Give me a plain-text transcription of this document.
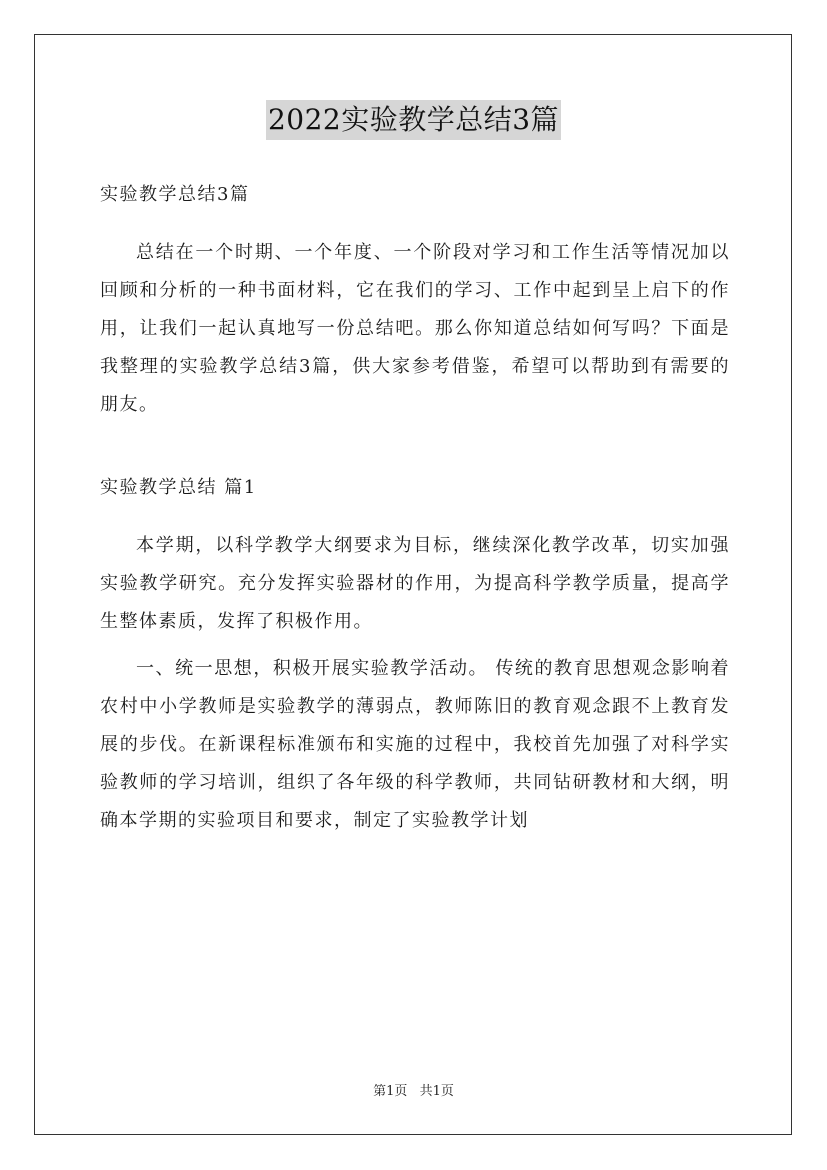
2022实验教学总结3篇
实验教学总结3篇

总结在一个时期、一个年度、一个阶段对学习和工作生活等情况加以回顾和分析的一种书面材料，它在我们的学习、工作中起到呈上启下的作用，让我们一起认真地写一份总结吧。那么你知道总结如何写吗？下面是我整理的实验教学总结3篇，供大家参考借鉴，希望可以帮助到有需要的朋友。

实验教学总结 篇1

本学期，以科学教学大纲要求为目标，继续深化教学改革，切实加强实验教学研究。充分发挥实验器材的作用，为提高科学教学质量，提高学生整体素质，发挥了积极作用。

一、统一思想，积极开展实验教学活动。 传统的教育思想观念影响着农村中小学教师是实验教学的薄弱点，教师陈旧的教育观念跟不上教育发展的步伐。在新课程标准颁布和实施的过程中，我校首先加强了对科学实验教师的学习培训，组织了各年级的科学教师，共同钻研教材和大纲，明确本学期的实验项目和要求，制定了实验教学计划

第1页 共1页
